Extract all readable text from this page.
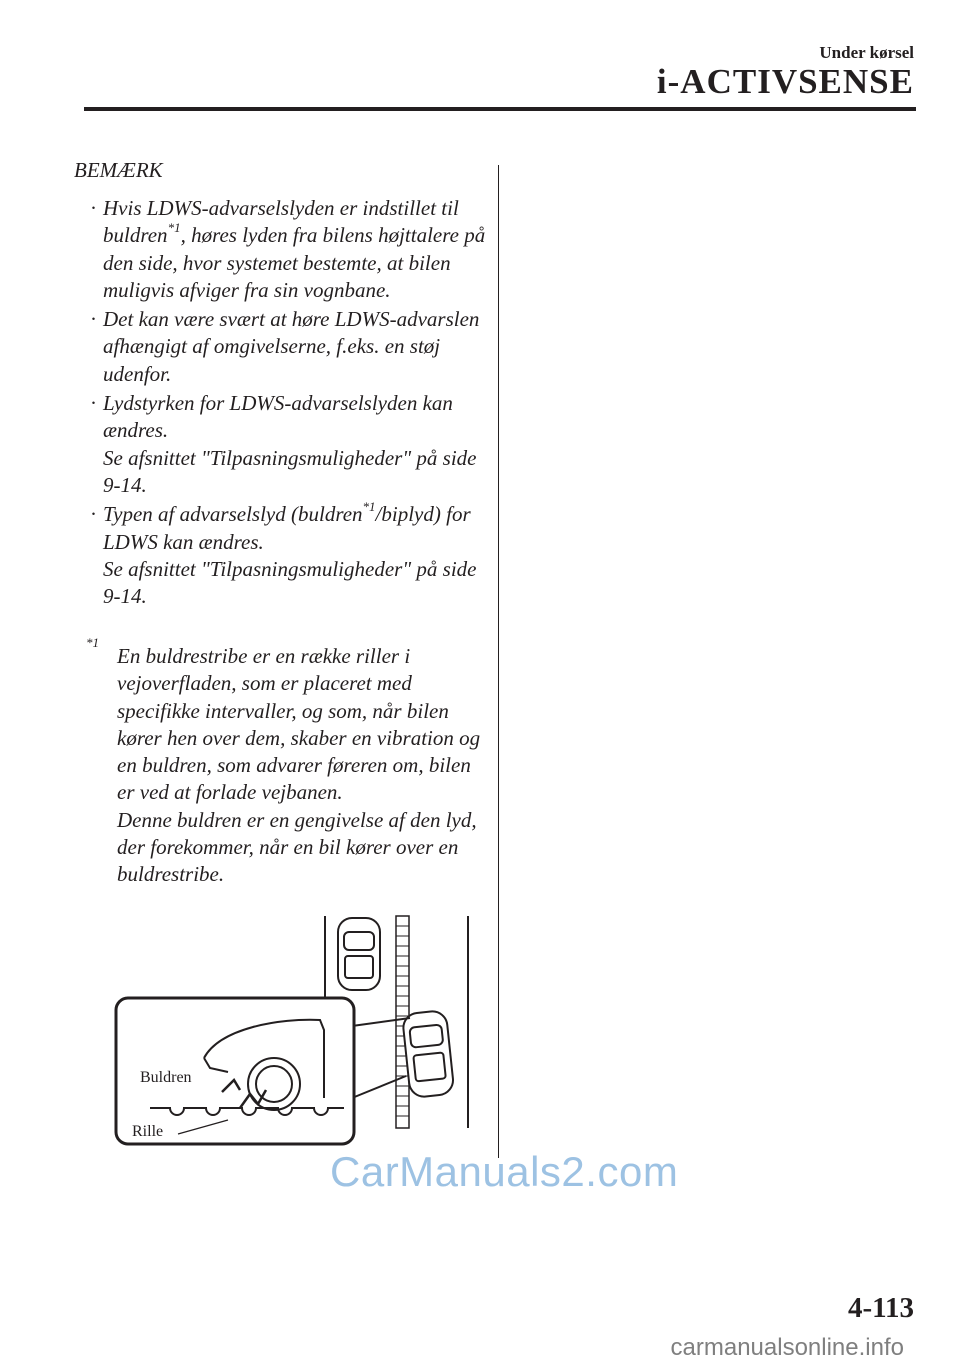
Under kørsel
i-ACTIVSENSE
BEMÆRK
· Hvis LDWS-advarselslyden er indstillet til buldren$^{*1}$, høres lyden fra bilens højttalere på den side, hvor systemet bestemte, at bilen muligvis afviger fra sin vognbane.
· Det kan være svært at høre LDWS-advarslen afhængigt af omgivelserne, f.eks. en støj udenfor.
· Lydstyrken for LDWS-advarselslyden kan ændres.
Se afsnittet "Tilpasningsmuligheder" på side 9-14.
· Typen af advarselslyd (buldren$^{*1}$/biplyd) for LDWS kan ændres.
Se afsnittet "Tilpasningsmuligheder" på side 9-14.
*1
En buldrestribe er en række riller i vejoverfladen, som er placeret med specifikke intervaller, og som, når bilen kører hen over dem, skaber en vibration og en buldren, som advarer føreren om, bilen er ved at forlade vejbanen.
Denne buldren er en gengivelse af den lyd, der forekommer, når en bil kører over en buldrestribe.
Buldren
Rille
CarManuals2.com
4-113
carmanualsonline.info
